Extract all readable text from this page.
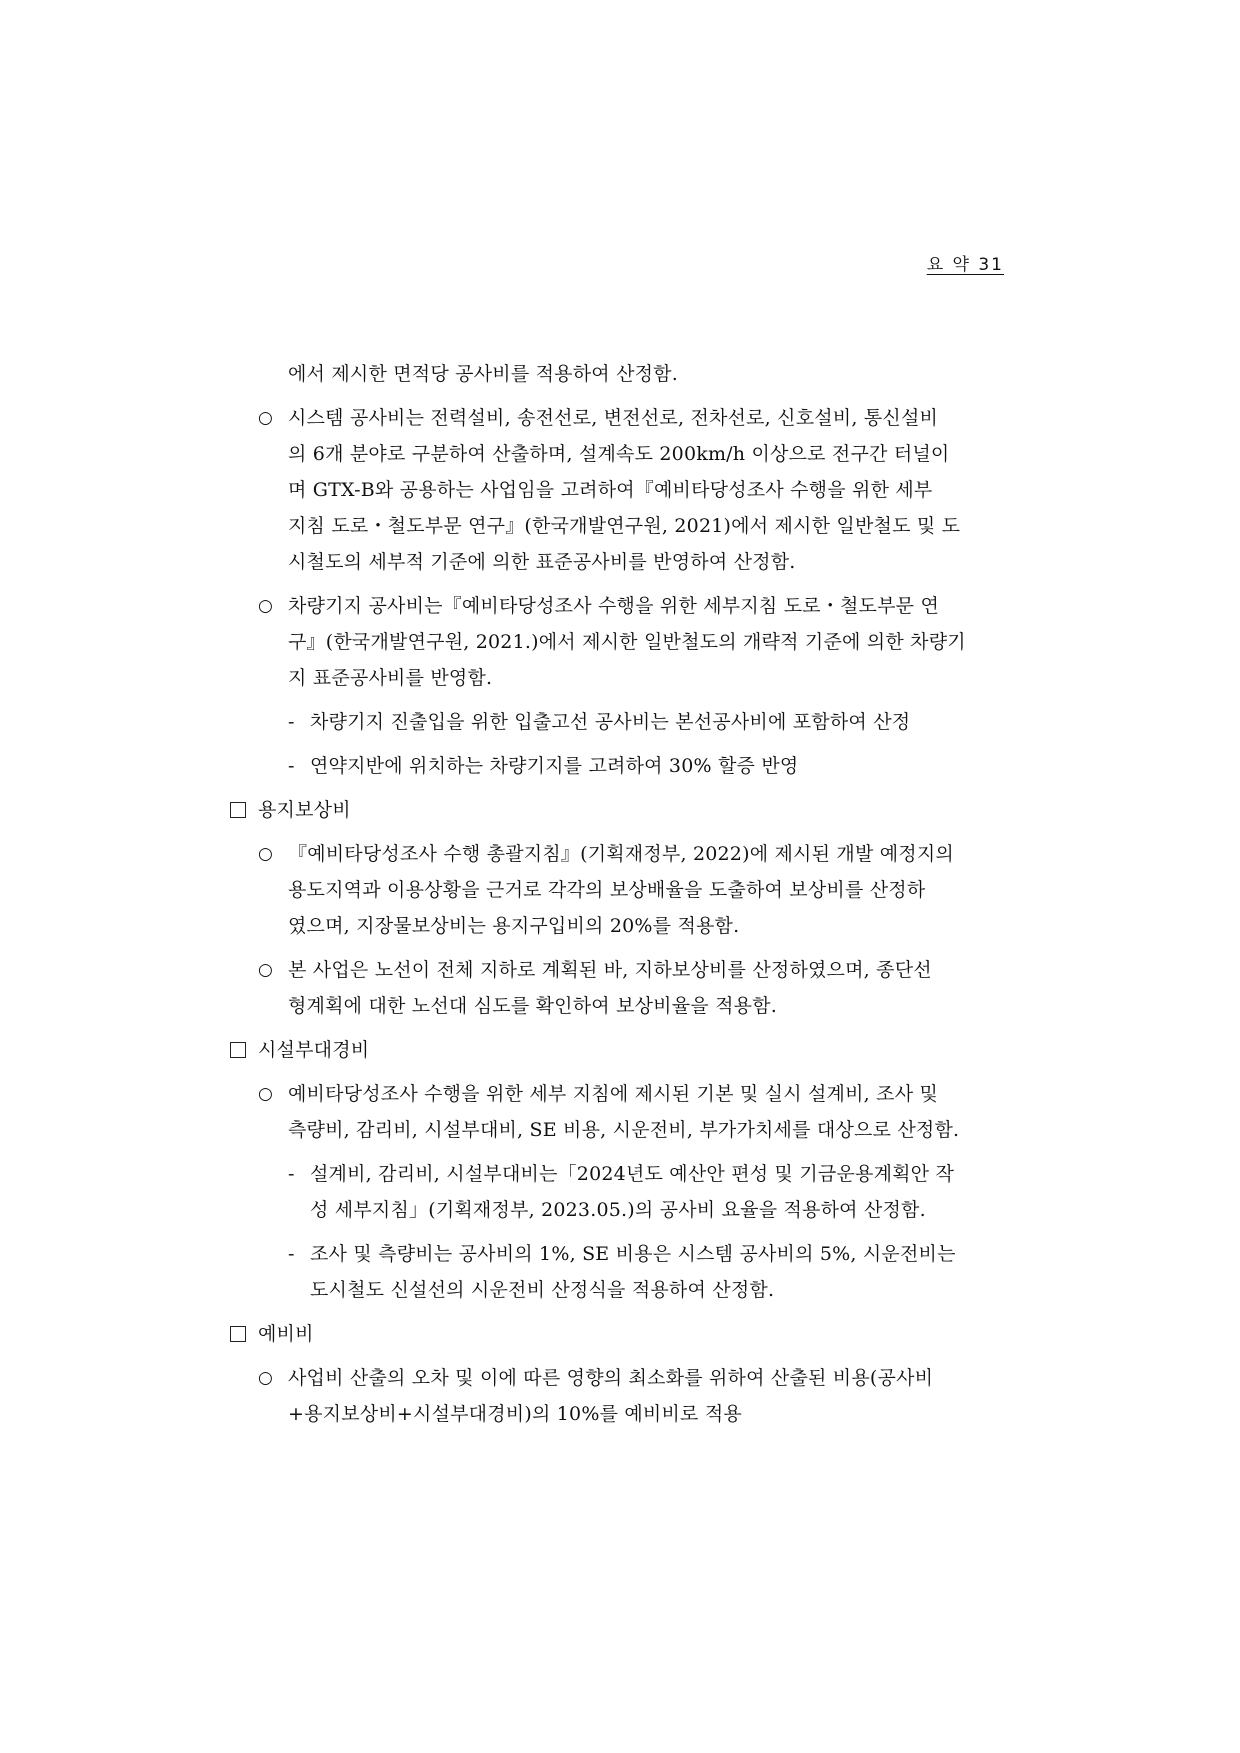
요 약 31
에서 제시한 면적당 공사비를 적용하여 산정함.
○ 시스템 공사비는 전력설비, 송전선로, 변전선로, 전차선로, 신호설비, 통신설비
의 6개 분야로 구분하여 산출하며, 설계속도 200km/h 이상으로 전구간 터널이
며 GTX-B와 공용하는 사업임을 고려하여『예비타당성조사 수행을 위한 세부
지침 도로・철도부문 연구』(한국개발연구원, 2021)에서 제시한 일반철도 및 도
시철도의 세부적 기준에 의한 표준공사비를 반영하여 산정함.
○ 차량기지 공사비는『예비타당성조사 수행을 위한 세부지침 도로・철도부문 연
구』(한국개발연구원, 2021.)에서 제시한 일반철도의 개략적 기준에 의한 차량기
지 표준공사비를 반영함.
- 차량기지 진출입을 위한 입출고선 공사비는 본선공사비에 포함하여 산정
- 연약지반에 위치하는 차량기지를 고려하여 30% 할증 반영
용지보상비
○ 『예비타당성조사 수행 총괄지침』(기획재정부, 2022)에 제시된 개발 예정지의
용도지역과 이용상황을 근거로 각각의 보상배율을 도출하여 보상비를 산정하
였으며, 지장물보상비는 용지구입비의 20%를 적용함.
○ 본 사업은 노선이 전체 지하로 계획된 바, 지하보상비를 산정하였으며, 종단선
형계획에 대한 노선대 심도를 확인하여 보상비율을 적용함.
시설부대경비
○ 예비타당성조사 수행을 위한 세부 지침에 제시된 기본 및 실시 설계비, 조사 및
측량비, 감리비, 시설부대비, SE 비용, 시운전비, 부가가치세를 대상으로 산정함.
- 설계비, 감리비, 시설부대비는「2024년도 예산안 편성 및 기금운용계획안 작
성 세부지침」(기획재정부, 2023.05.)의 공사비 요율을 적용하여 산정함.
- 조사 및 측량비는 공사비의 1%, SE 비용은 시스템 공사비의 5%, 시운전비는
도시철도 신설선의 시운전비 산정식을 적용하여 산정함.
예비비
○ 사업비 산출의 오차 및 이에 따른 영향의 최소화를 위하여 산출된 비용(공사비
+용지보상비+시설부대경비)의 10%를 예비비로 적용
